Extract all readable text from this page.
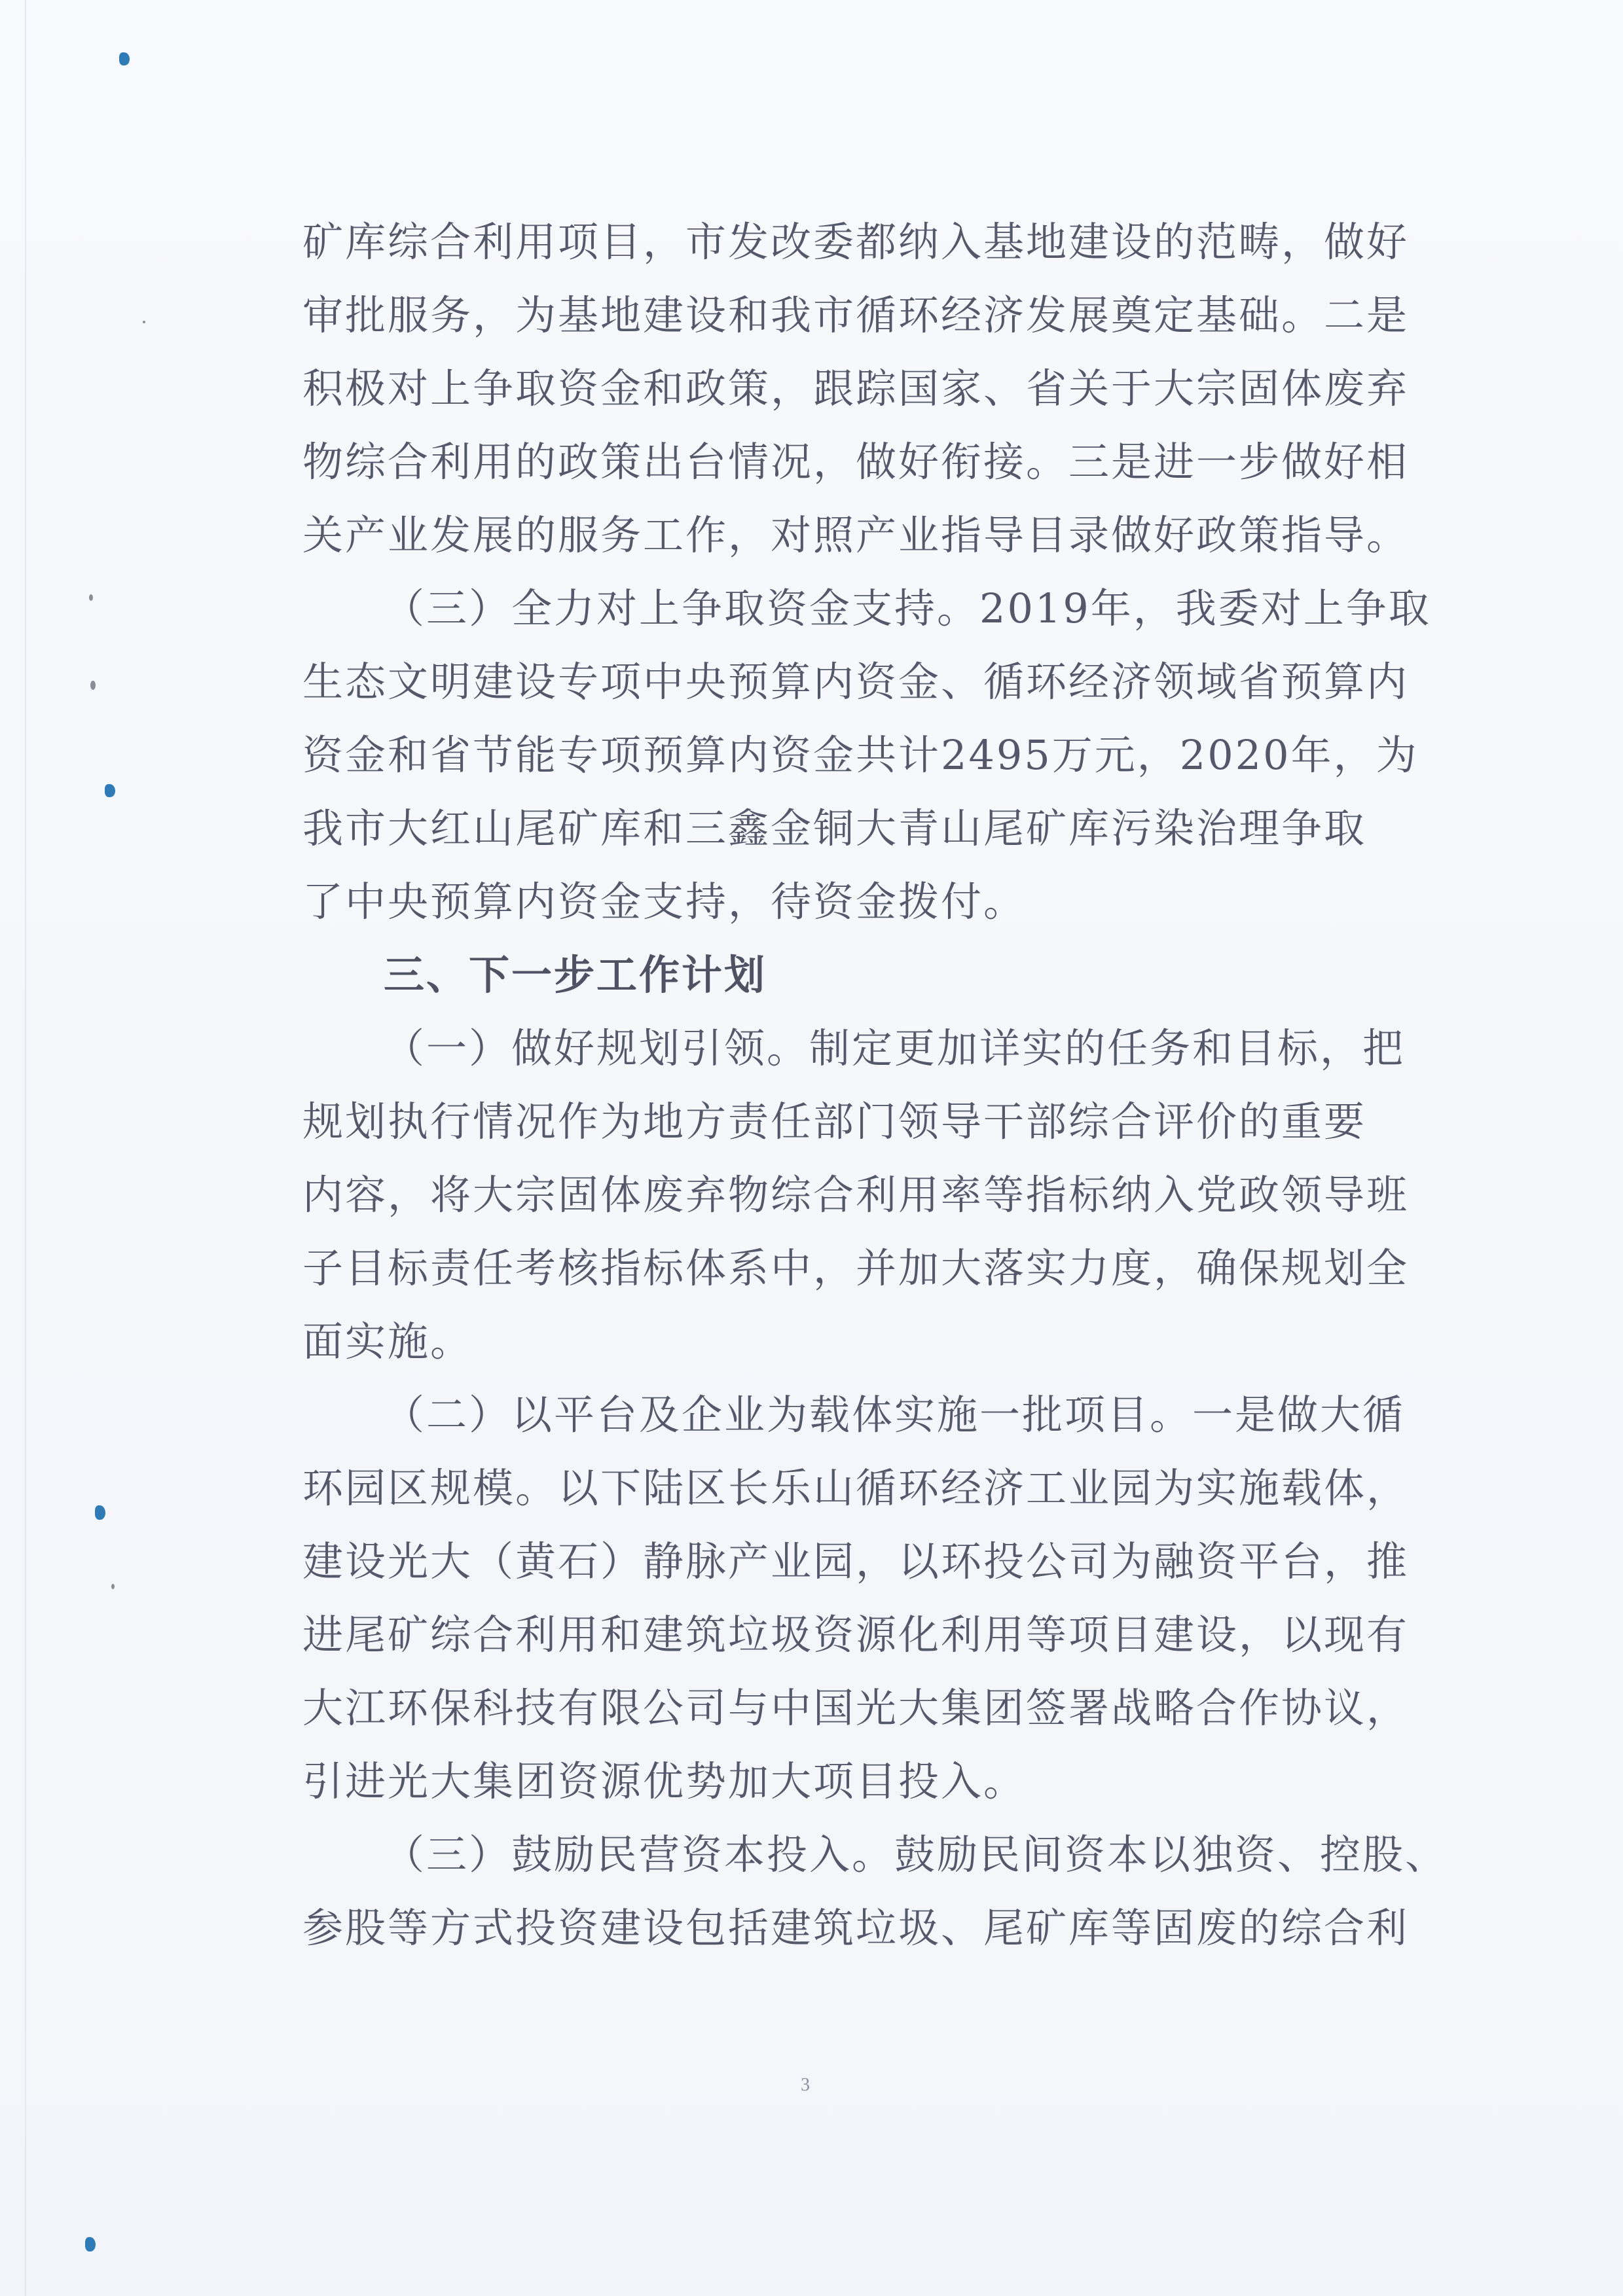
矿库综合利用项目，市发改委都纳入基地建设的范畴，做好
审批服务，为基地建设和我市循环经济发展奠定基础。二是
积极对上争取资金和政策，跟踪国家、省关于大宗固体废弃
物综合利用的政策出台情况，做好衔接。三是进一步做好相
关产业发展的服务工作，对照产业指导目录做好政策指导。
（三）全力对上争取资金支持。2019年，我委对上争取
生态文明建设专项中央预算内资金、循环经济领域省预算内
资金和省节能专项预算内资金共计2495万元，2020年，为
我市大红山尾矿库和三鑫金铜大青山尾矿库污染治理争取
了中央预算内资金支持，待资金拨付。
三、下一步工作计划
（一）做好规划引领。制定更加详实的任务和目标，把
规划执行情况作为地方责任部门领导干部综合评价的重要
内容，将大宗固体废弃物综合利用率等指标纳入党政领导班
子目标责任考核指标体系中，并加大落实力度，确保规划全
面实施。
（二）以平台及企业为载体实施一批项目。一是做大循
环园区规模。以下陆区长乐山循环经济工业园为实施载体，
建设光大（黄石）静脉产业园，以环投公司为融资平台，推
进尾矿综合利用和建筑垃圾资源化利用等项目建设，以现有
大江环保科技有限公司与中国光大集团签署战略合作协议，
引进光大集团资源优势加大项目投入。
（三）鼓励民营资本投入。鼓励民间资本以独资、控股、
参股等方式投资建设包括建筑垃圾、尾矿库等固废的综合利
3
